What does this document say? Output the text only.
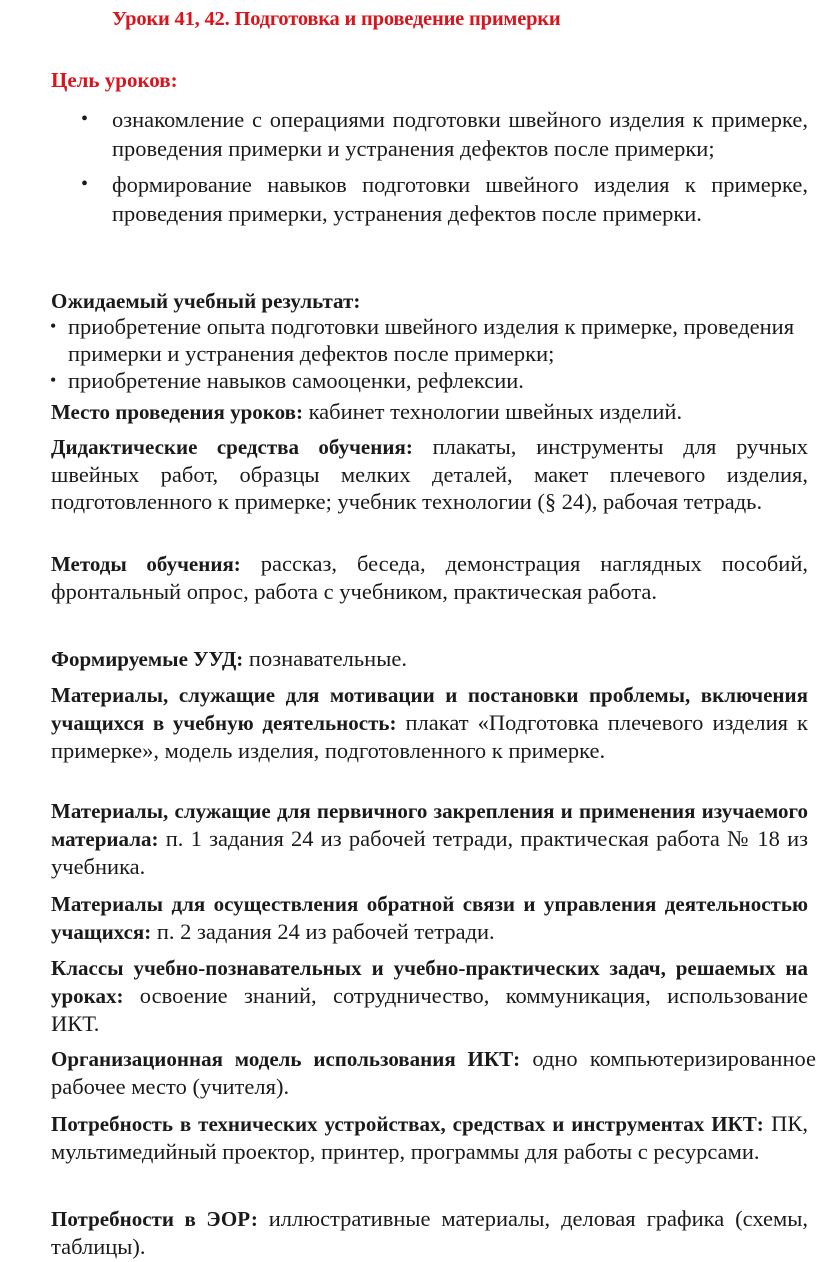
Уроки 41, 42. Подготовка и проведение примерки
Цель уроков:
• ознакомление с операциями подготовки швейного изделия к примерке, проведения примерки и устранения дефектов после примерки;
• формирование навыков подготовки швейного изделия к примерке, проведения примерки, устранения дефектов после примерки.
Ожидаемый учебный результат:
• приобретение опыта подготовки швейного изделия к примерке, проведения примерки и устранения дефектов после примерки;
• приобретение навыков самооценки, рефлексии.
Место проведения уроков: кабинет технологии швейных изделий.
Дидактические средства обучения: плакаты, инструменты для ручных швейных работ, образцы мелких деталей, макет плечевого изделия, подготовленного к примерке; учебник технологии (§ 24), рабочая тетрадь.
Методы обучения: рассказ, беседа, демонстрация наглядных пособий, фронтальный опрос, работа с учебником, практическая работа.
Формируемые УУД: познавательные.
Материалы, служащие для мотивации и постановки проблемы, включения учащихся в учебную деятельность: плакат «Подготовка плечевого изделия к примерке», модель изделия, подготовленного к примерке.
Материалы, служащие для первичного закрепления и применения изучаемого материала: п. 1 задания 24 из рабочей тетради, практическая работа № 18 из учебника.
Материалы для осуществления обратной связи и управления деятельностью учащихся: п. 2 задания 24 из рабочей тетради.
Классы учебно-познавательных и учебно-практических задач, решаемых на уроках: освоение знаний, сотрудничество, коммуникация, использование ИКТ.
Организационная модель использования ИКТ: одно компьютеризированное рабочее место (учителя).
Потребность в технических устройствах, средствах и инструментах ИКТ: ПК, мультимедийный проектор, принтер, программы для работы с ресурсами.
Потребности в ЭОР: иллюстративные материалы, деловая графика (схемы, таблицы).
